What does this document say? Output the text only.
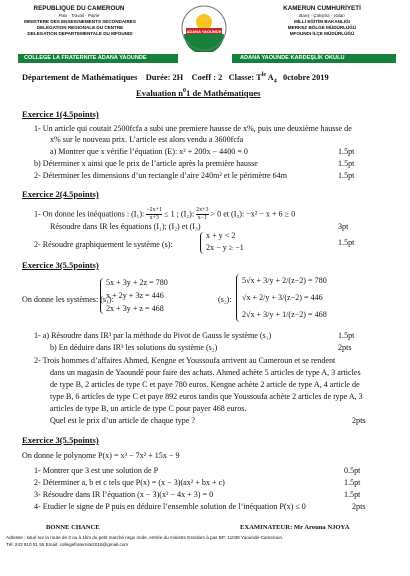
REPUBLIQUE DU CAMEROUN
Paix - Travail - Patrie
MINISTERE DES ENSEIGNEMENTS SECONDAIRES
DELEGATION REGIONALE DU CENTRE
DELEGATION DEPARTEMENTALE DU MFOUNDI	ADANA YAOUNDE
KAMERUN CUMHURİYETİ
Barış - Çalışma - Vatan
MİLLİ EĞİTİM BAKANLIĞI
MERKEZ BÖLGE MÜDÜRLÜĞÜ
MFOUNDI İLÇE MÜDÜRLÜĞÜ
COLLEGE LA FRATERNITE ADANA YAOUNDE	ADANA YAOUNDE KARDEŞLİK OKULU
Département de Mathématiques Durée: 2H Coeff : 2 Classe: $T^{le}$ $A_4$ 0ctobre 2019
Evaluation $n^01$ de Mathématiques
Exercice 1(4.5points)
1- Un article qui coutait 2500fcfa a subi une premiere hausse de x%, puis une deuxième hausse de
x% sur le nouveau prix. L’article est alors vendu a 3600fcfa
a) Montrer que x vérifie l’équation (E): x² + 200x − 4400 = 0	1.5pt
b) Déterminer x ainsi que le prix de l’article après la première hausse	1.5pt
2- Déterminer les dimensions d’un rectangle d’aire 240m² et le périmètre 64m	1.5pt
Exercice 2(4.5points)
1- On donne les inéquations : (I₁): $\frac{-2x+1}{x+3} \le 1$ ; (I₂): $\frac{2x+3}{x-1} > 0$ et (I₃): −x² − x + 6 ≥ 0
Résoudre dans IR les équations (I₁); (I₂) et (I₃)	3pt
2- Résoudre graphiquement le système (s):
x + y < 2
2x − y ≥ −1
1.5pt
Exercice 3(5.5points)
On donne les systèmes: (s₁):
5x + 3y + 2z = 780
x + 2y + 3z = 446
2x + 3y + z = 468
(s₂):
5√x + 3/y + 2/(z−2) = 780
√x + 2/y + 3/(z−2) = 446
2√x + 3/y + 1/(z−2) = 468
1- a) Résoudre dans IR³ par la méthode du Pivot de Gauss le système (s₁)	1.5pt
b) En déduire dans IR³ les solutions du système (s₂)	2pts
2- Trois hommes d’affaires Ahmed, Kengne et Youssoufa arrivent au Cameroun et se rendent
dans un magasin de Yaoundé pour faire des achats. Ahmed achète 5 articles de type A, 3 articles
de type B, 2 articles de type C et paye 780 euros. Kengne achète 2 article de type A, 4 article de
type B, 6 articles de type C et paye 892 euros tandis que Youssoufa achète 2 articles de type A, 3
articles de type B, un article de type C pour payer 468 euros.
Quel est le prix d’un article de chaque type ?	2pts
Exercice 3(5.5points)
On donne le polynome P(x) = x³ − 7x² + 15x − 9
1- Montrer que 3 est une solution de P	0.5pt
2- Déterminer a, b et c tels que P(x) = (x − 3)(ax² + bx + c)	1.5pt
3- Résoudre dans IR l’équation (x − 3)(x² − 4x + 3) = 0	1.5pt
4- Etudier le signe de P puis en déduire l’ensemble solution de l’inéquation P(x) ≤ 0	2pts
BONNE CHANCE	EXAMINATEUR: Mr Arouna NJOYA
Adresse : situé sur la route de 3 ou à 1km du petit marché nsgo nnde, entrée du ministre Essolam à pas BP: 11038 Yaoundé-Cameroun.
Tél: 243 810 51 55 Email: collegefraternite2016@gmail.com
